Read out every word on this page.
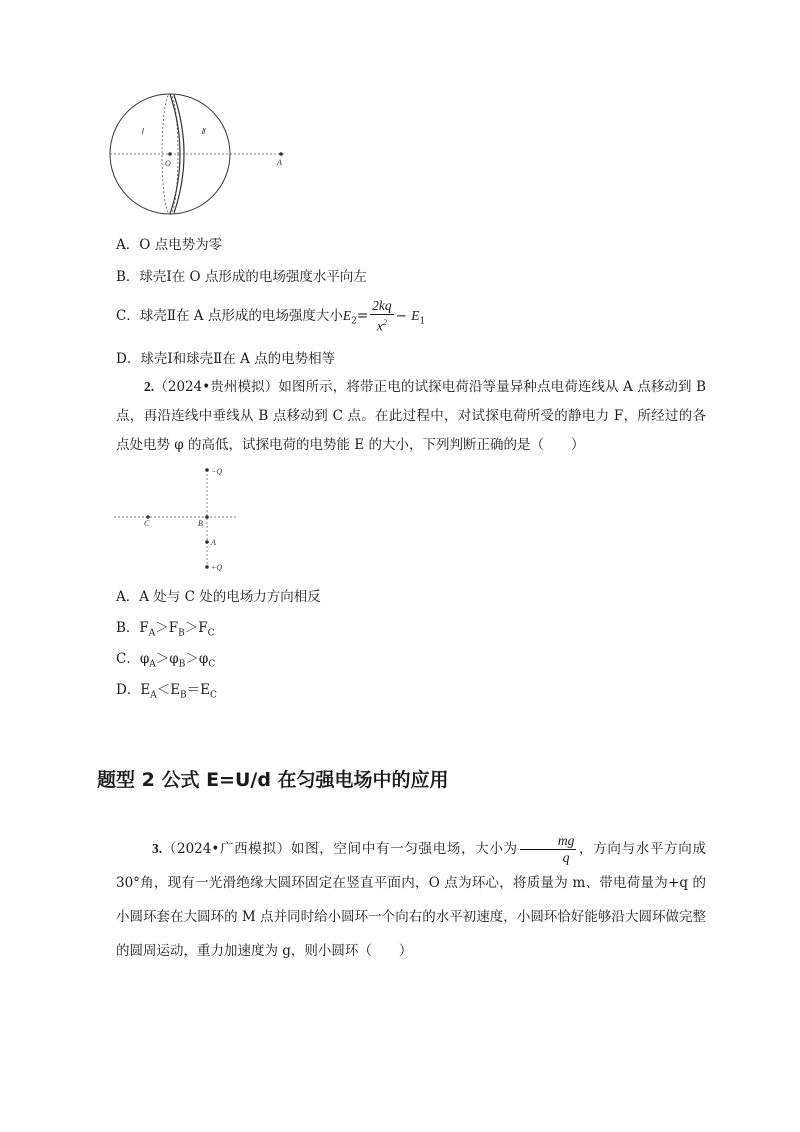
Ⅰ	Ⅱ
O	A
A．O 点电势为零
B．球壳Ⅰ在 O 点形成的电场强度水平向左
C．球壳Ⅱ在 A 点形成的电场强度大小$E_2= \frac{2kq}{x^2} - E_1$
D．球壳Ⅰ和球壳Ⅱ在 A 点的电势相等
2.（2024•贵州模拟）如图所示，将带正电的试探电荷沿等量异种点电荷连线从 A 点移动到 B 点，再沿连线中垂线从 B 点移动到 C 点。在此过程中，对试探电荷所受的静电力 F，所经过的各点处电势 φ 的高低，试探电荷的电势能 E 的大小，下列判断正确的是（　　）
−Q
+Q
B
C
A
A．A 处与 C 处的电场力方向相反
B．$F_A>F_B>F_C$
C．$\varphi_A>\varphi_B>\varphi_C$
D．$E_A<E_B=E_C$
题型 2 公式 E=U/d 在匀强电场中的应用
3.（2024•广西模拟）如图，空间中有一匀强电场，大小为 $\frac{mg}{q}$ ，方向与水平方向成 30°角，现有一光滑绝缘大圆环固定在竖直平面内，O 点为环心，将质量为 m、带电荷量为+q 的小圆环套在大圆环的 M 点并同时给小圆环一个向右的水平初速度，小圆环恰好能够沿大圆环做完整的圆周运动，重力加速度为 g，则小圆环（　　）
